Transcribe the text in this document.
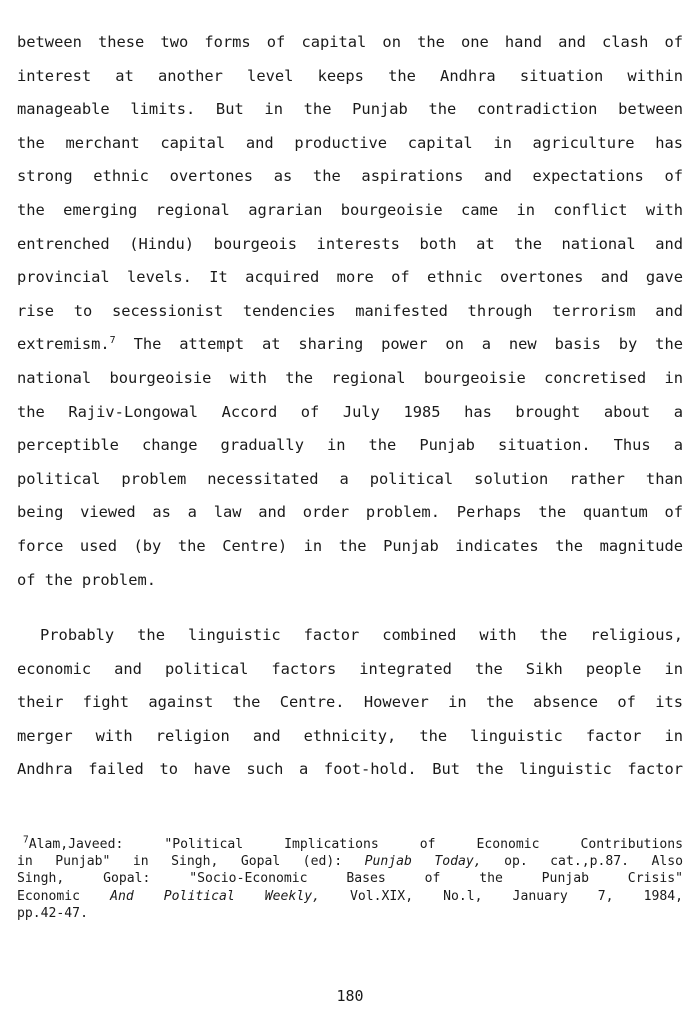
between these two forms of capital on the one hand and clash of
interest at another level keeps the Andhra situation within
manageable limits. But in the Punjab the contradiction between
the merchant capital and productive capital in agriculture has
strong ethnic overtones as the aspirations and expectations of
the emerging regional agrarian bourgeoisie came in conflict with
entrenched (Hindu) bourgeois interests both at the national and
provincial levels. It acquired more of ethnic overtones and gave
rise to secessionist tendencies manifested through terrorism and
extremism.$^7$ The attempt at sharing power on a new basis by the
national bourgeoisie with the regional bourgeoisie concretised in
the Rajiv-Longowal Accord of July 1985 has brought about a
perceptible change gradually in the Punjab situation. Thus a
political problem necessitated a political solution rather than
being viewed as a law and order problem. Perhaps the quantum of
force used (by the Centre) in the Punjab indicates the magnitude
of the problem.
Probably the linguistic factor combined with the religious,
economic and political factors integrated the Sikh people in
their fight against the Centre. However in the absence of its
merger with religion and ethnicity, the linguistic factor in
Andhra failed to have such a foot-hold. But the linguistic factor
$^7$Alam,Javeed: "Political Implications of Economic Contributions
in Punjab" in Singh, Gopal (ed): Punjab Today, op. cat.,p.87. Also
Singh, Gopal: "Socio-Economic Bases of the Punjab Crisis"
Economic And Political Weekly, Vol.XIX, No.l, January 7, 1984,
pp.42-47.
180
